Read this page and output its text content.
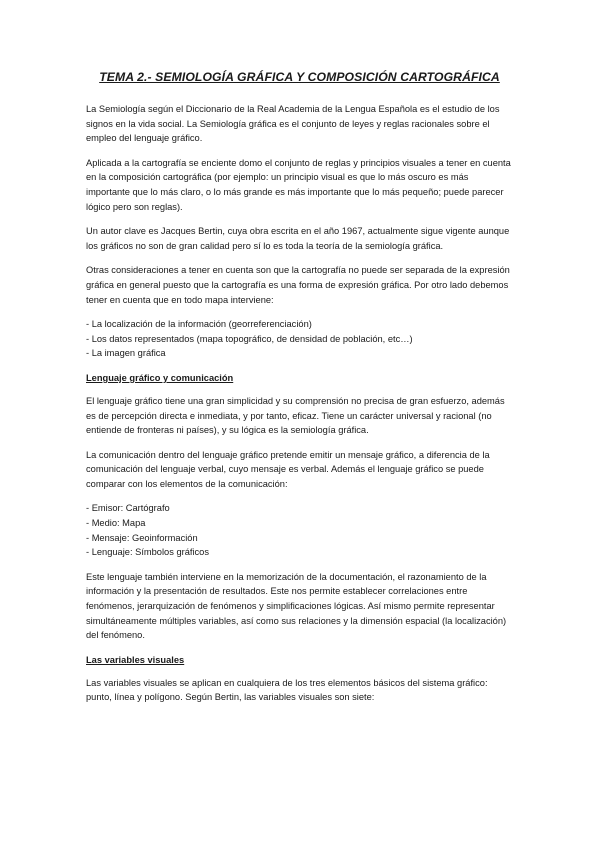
TEMA 2.- SEMIOLOGÍA GRÁFICA Y COMPOSICIÓN CARTOGRÁFICA

La Semiología según el Diccionario de la Real Academia de la Lengua Española es el estudio de los signos en la vida social. La Semiología gráfica es el conjunto de leyes y reglas racionales sobre el empleo del lenguaje gráfico.

Aplicada a la cartografía se enciente domo el conjunto de reglas y principios visuales a tener en cuenta en la composición cartográfica (por ejemplo: un principio visual es que lo más oscuro es más importante que lo más claro, o lo más grande es más importante que lo más pequeño; puede parecer lógico pero son reglas).

Un autor clave es Jacques Bertin, cuya obra escrita en el año 1967, actualmente sigue vigente aunque los gráficos no son de gran calidad pero sí lo es toda la teoría de la semiología gráfica.

Otras consideraciones a tener en cuenta son que la cartografía no puede ser separada de la expresión gráfica en general puesto que la cartografía es una forma de expresión gráfica. Por otro lado debemos tener en cuenta que en todo mapa interviene:

- La localización de la información (georreferenciación)
- Los datos representados (mapa topográfico, de densidad de población, etc…)
- La imagen gráfica
Lenguaje gráfico y comunicación

El lenguaje gráfico tiene una gran simplicidad y su comprensión no precisa de gran esfuerzo, además es de percepción directa e inmediata, y por tanto, eficaz. Tiene un carácter universal y racional (no entiende de fronteras ni países), y su lógica es la semiología gráfica.

La comunicación dentro del lenguaje gráfico pretende emitir un mensaje gráfico, a diferencia de la comunicación del lenguaje verbal, cuyo mensaje es verbal. Además el lenguaje gráfico se puede comparar con los elementos de la comunicación:

- Emisor: Cartógrafo
- Medio: Mapa
- Mensaje: Geoinformación
- Lenguaje: Símbolos gráficos

Este lenguaje también interviene en la memorización de la documentación, el razonamiento de la información y la presentación de resultados. Este nos permite establecer correlaciones entre fenómenos, jerarquización de fenómenos y simplificaciones lógicas. Así mismo permite representar simultáneamente múltiples variables, así como sus relaciones y la dimensión espacial (la localización) del fenómeno.

Las variables visuales

Las variables visuales se aplican en cualquiera de los tres elementos básicos del sistema gráfico: punto, línea y polígono. Según Bertin, las variables visuales son siete:
